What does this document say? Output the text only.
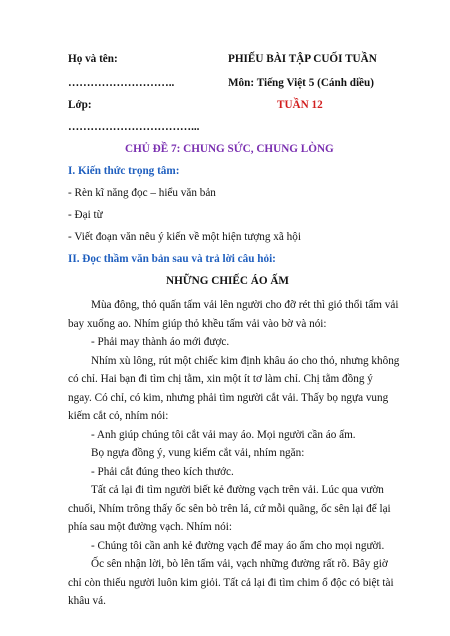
Họ và tên:
………………………..
Lớp:
……………………………...
PHIẾU BÀI TẬP CUỐI TUẦN
Môn: Tiếng Việt 5 (Cánh diều)
TUẦN 12
CHỦ ĐỀ 7: CHUNG SỨC, CHUNG LÒNG
I. Kiến thức trọng tâm:
- Rèn kĩ năng đọc – hiểu văn bản
- Đại từ
- Viết đoạn văn nêu ý kiến về một hiện tượng xã hội
II. Đọc thầm văn bản sau và trả lời câu hỏi:
NHỮNG CHIẾC ÁO ẤM
Mùa đông, thỏ quấn tấm vải lên người cho đỡ rét thì gió thổi tấm vải
bay xuống ao. Nhím giúp thỏ khều tấm vải vào bờ và nói:
- Phải may thành áo mới được.
Nhím xù lông, rút một chiếc kim định khâu áo cho thỏ, nhưng không
có chỉ. Hai bạn đi tìm chị tằm, xin một ít tơ làm chỉ. Chị tằm đồng ý
ngay. Có chỉ, có kim, nhưng phải tìm người cắt vải. Thấy bọ ngựa vung
kiếm cắt cỏ, nhím nói:
- Anh giúp chúng tôi cắt vải may áo. Mọi người cần áo ấm.
Bọ ngựa đồng ý, vung kiếm cắt vải, nhím ngăn:
- Phải cắt đúng theo kích thước.
Tất cả lại đi tìm người biết kẻ đường vạch trên vải. Lúc qua vườn
chuối, Nhím trông thấy ốc sên bò trên lá, cứ mỗi quãng, ốc sên lại để lại
phía sau một đường vạch. Nhím nói:
- Chúng tôi cần anh kẻ đường vạch để may áo ấm cho mọi người.
Ốc sên nhận lời, bò lên tấm vải, vạch những đường rất rõ. Bây giờ
chỉ còn thiếu người luôn kim giỏi. Tất cả lại đi tìm chim ổ độc có biệt tài
khâu vá.
